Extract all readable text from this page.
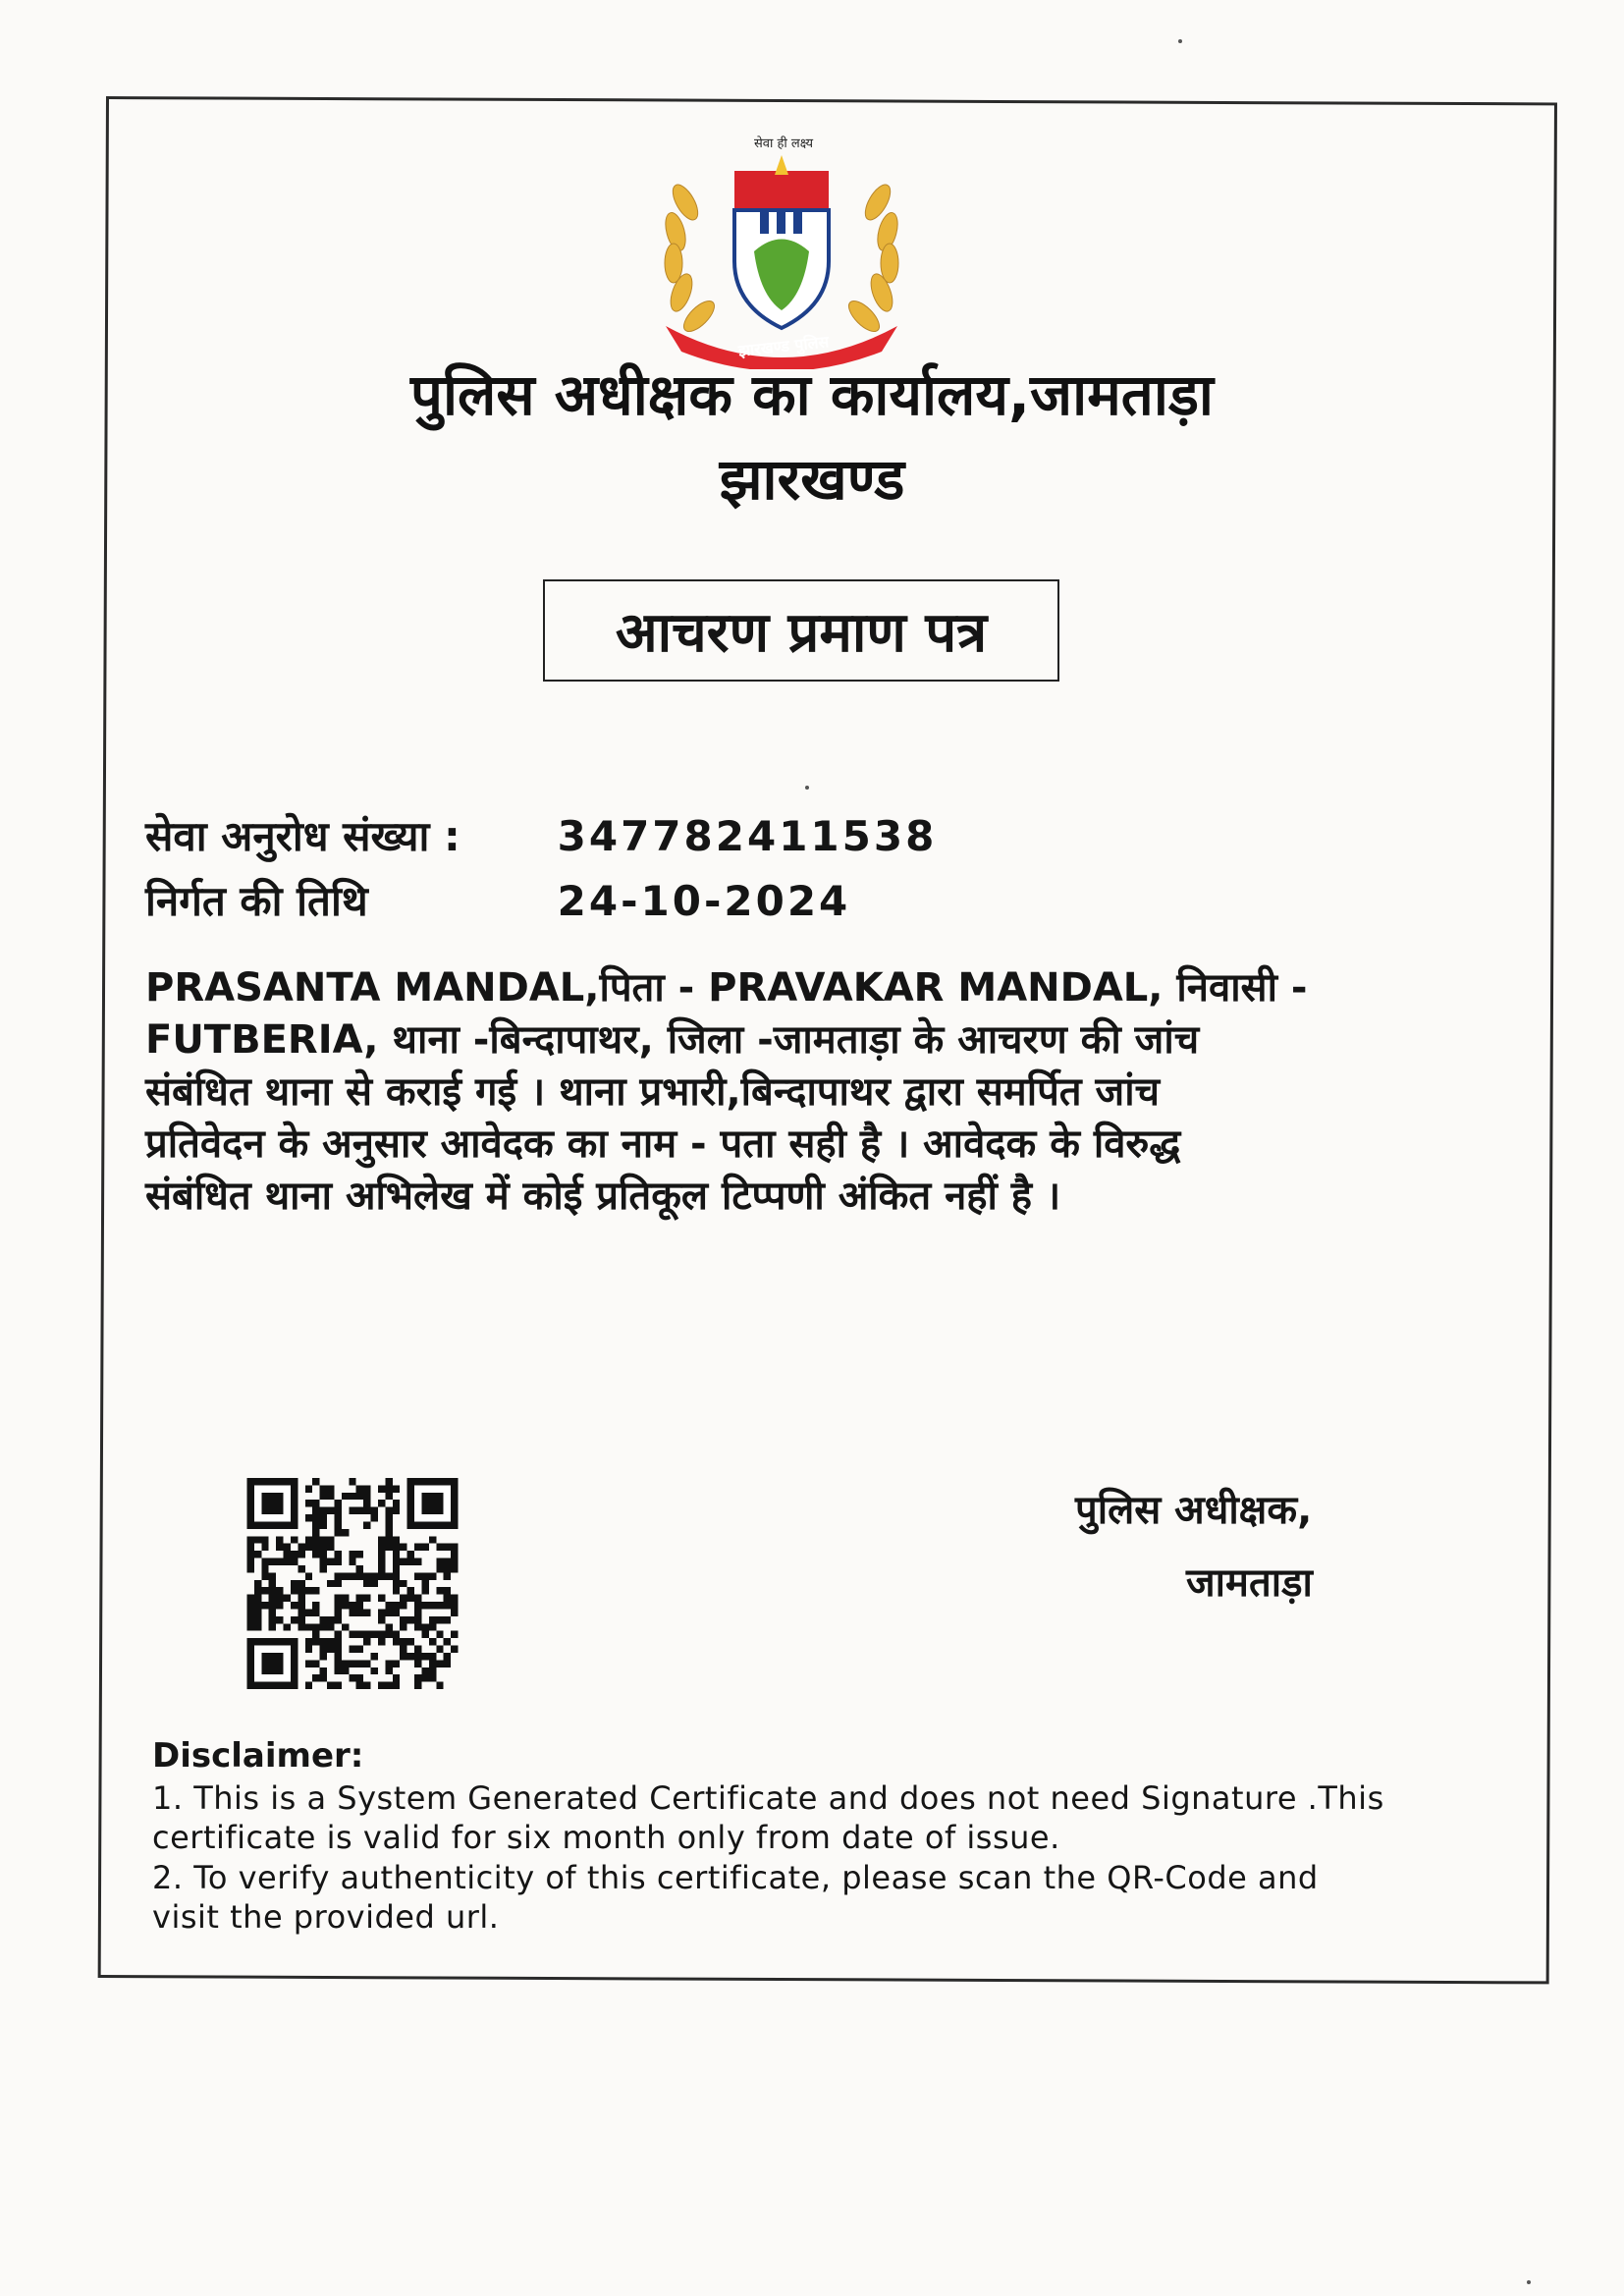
सेवा ही लक्ष्य
झारखण्ड पुलिस
पुलिस अधीक्षक का कार्यालय,जामताड़ा
झारखण्ड
आचरण प्रमाण पत्र
सेवा अनुरोध संख्या : 347782411538
निर्गत की तिथि	24-10-2024
PRASANTA MANDAL,पिता - PRAVAKAR MANDAL, निवासी -
FUTBERIA, थाना -बिन्दापाथर, जिला -जामताड़ा के आचरण की जांच
संबंधित थाना से कराई गई । थाना प्रभारी,बिन्दापाथर द्वारा समर्पित जांच
प्रतिवेदन के अनुसार आवेदक का नाम - पता सही है । आवेदक के विरुद्ध
संबंधित थाना अभिलेख में कोई प्रतिकूल टिप्पणी अंकित नहीं है ।
पुलिस अधीक्षक,
जामताड़ा
Disclaimer:
1. This is a System Generated Certificate and does not need Signature .This
certificate is valid for six month only from date of issue.
2. To verify authenticity of this certificate, please scan the QR-Code and
visit the provided url.
